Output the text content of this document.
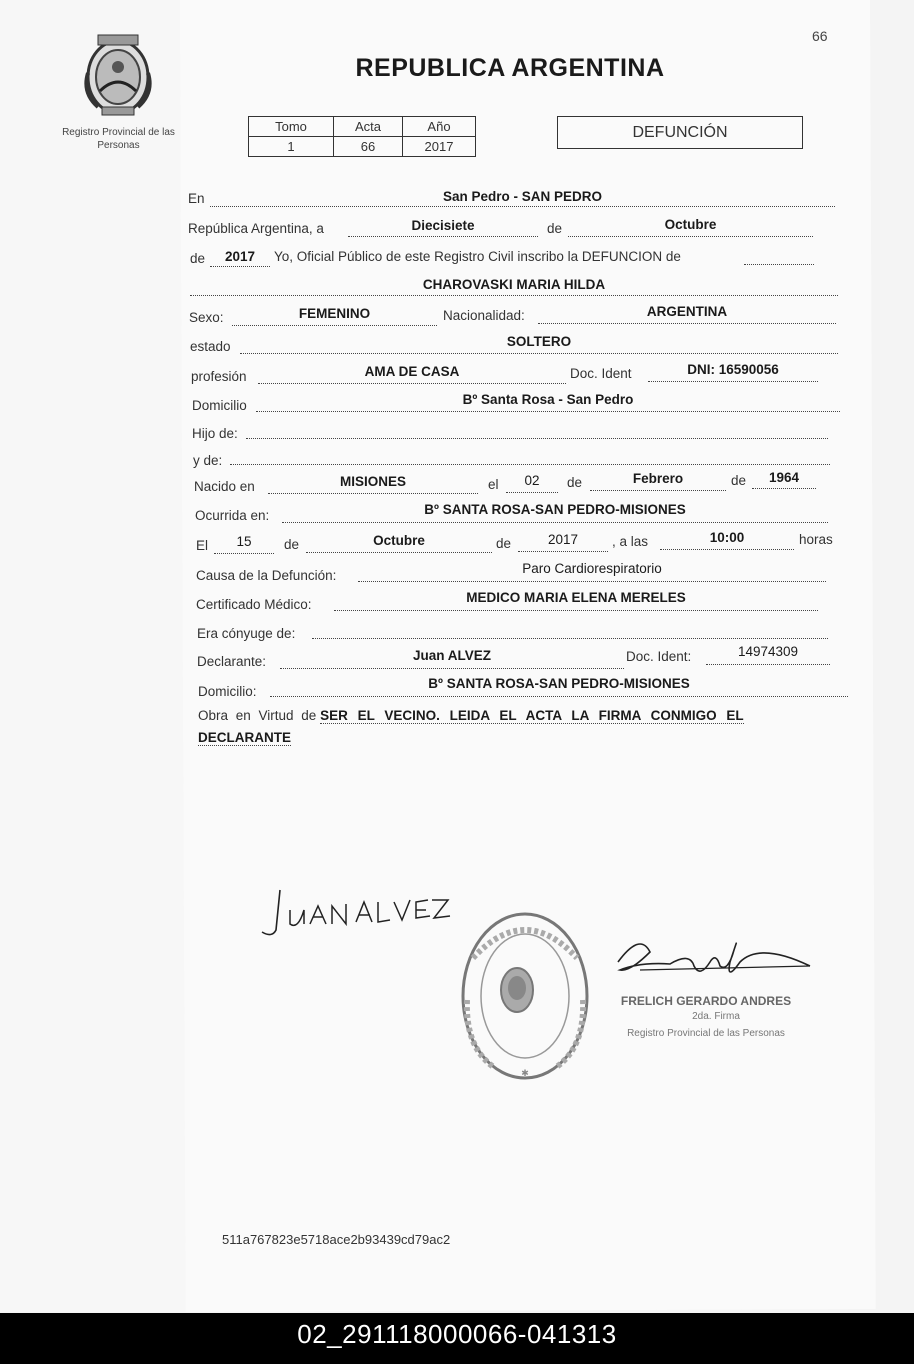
66
Registro Provincial de las Personas
REPUBLICA ARGENTINA
Tomo	Acta	Año
1	66	2017
DEFUNCIÓN
En	San Pedro - SAN PEDRO
República Argentina, a	Diecisiete	de	Octubre
de	2017	Yo, Oficial Público de este Registro Civil inscribo la DEFUNCION de
CHAROVASKI MARIA HILDA
Sexo:	FEMENINO	Nacionalidad:	ARGENTINA
estado	SOLTERO
profesión	AMA DE CASA	Doc. Ident	DNI: 16590056
Domicilio	Bº Santa Rosa - San Pedro
Hijo de:
y de:
Nacido en	MISIONES	el	02	de	Febrero	de	1964
Ocurrida en:	Bº SANTA ROSA-SAN PEDRO-MISIONES
El	15	de	Octubre	de	2017	, a las	10:00	horas
Causa de la Defunción:	Paro Cardiorespiratorio
Certificado Médico:	MEDICO MARIA ELENA MERELES
Era cónyuge de:
Declarante:	Juan ALVEZ	Doc. Ident:	14974309
Domicilio:
Bº SANTA ROSA-SAN PEDRO-MISIONES
Obra en Virtud de SER EL VECINO. LEIDA EL ACTA LA FIRMA CONMIGO EL
DECLARANTE
✱
FRELICH GERARDO ANDRES
2da. Firma
Registro Provincial de las Personas
511a767823e5718ace2b93439cd79ac2
02_291118000066-041313
